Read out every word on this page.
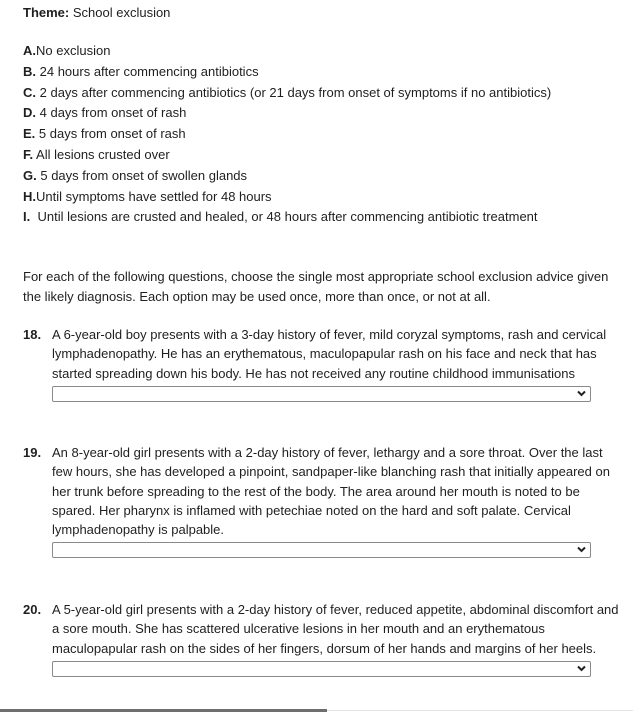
Theme: School exclusion
A.No exclusion
B. 24 hours after commencing antibiotics
C. 2 days after commencing antibiotics (or 21 days from onset of symptoms if no antibiotics)
D. 4 days from onset of rash
E. 5 days from onset of rash
F. All lesions crusted over
G. 5 days from onset of swollen glands
H.Until symptoms have settled for 48 hours
I. Until lesions are crusted and healed, or 48 hours after commencing antibiotic treatment
For each of the following questions, choose the single most appropriate school exclusion advice given the likely diagnosis. Each option may be used once, more than once, or not at all.
18. A 6-year-old boy presents with a 3-day history of fever, mild coryzal symptoms, rash and cervical lymphadenopathy. He has an erythematous, maculopapular rash on his face and neck that has started spreading down his body. He has not received any routine childhood immunisations
19. An 8-year-old girl presents with a 2-day history of fever, lethargy and a sore throat. Over the last few hours, she has developed a pinpoint, sandpaper-like blanching rash that initially appeared on her trunk before spreading to the rest of the body. The area around her mouth is noted to be spared. Her pharynx is inflamed with petechiae noted on the hard and soft palate. Cervical lymphadenopathy is palpable.
20. A 5-year-old girl presents with a 2-day history of fever, reduced appetite, abdominal discomfort and a sore mouth. She has scattered ulcerative lesions in her mouth and an erythematous maculopapular rash on the sides of her fingers, dorsum of her hands and margins of her heels.
